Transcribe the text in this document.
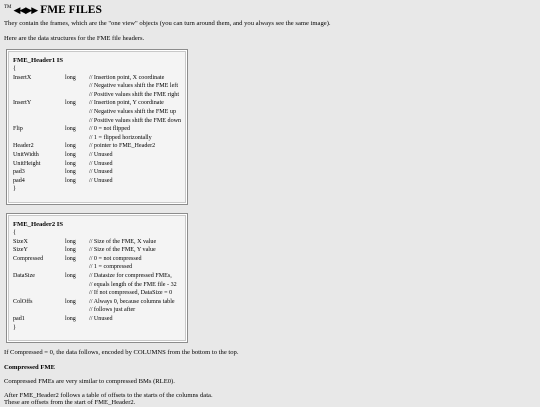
TM ◀◀▶▶ FME FILES
They contain the frames, which are the "one view" objects (you can turn around them, and you always see the same image).
Here are the data structures for the FME file headers.
FME_Header1 IS
{
InsertX	long // Insertion point, X coordinate
// Negative values shift the FME left
// Positive values shift the FME right
InsertY	long // Insertion point, Y coordinate
// Negative values shift the FME up
// Positive values shift the FME down
Flip	long // 0 = not flipped
// 1 = flipped horizontally
Header2	long // pointer to FME_Header2
UnitWidth	long // Unused
UnitHeight	long // Unused
pad3	long // Unused
pad4	long // Unused
}
FME_Header2 IS
{
SizeX	long // Size of the FME, X value
SizeY	long // Size of the FME, Y value
Compressed	long // 0 = not compressed
// 1 = compressed
DataSize	long // Datasize for compressed FMEs,
// equals length of the FME file - 32
// If not compressed, DataSize = 0
ColOffs	long // Always 0, because columns table
// follows just after
pad1	long // Unused
}
If Compressed = 0, the data follows, encoded by COLUMNS from the bottom to the top.
Compressed FME
Compressed FMEs are very similar to compressed BMs (RLE0).
After FME_Header2 follows a table of offsets to the starts of the columns data.
These are offsets from the start of FME_Header2.
